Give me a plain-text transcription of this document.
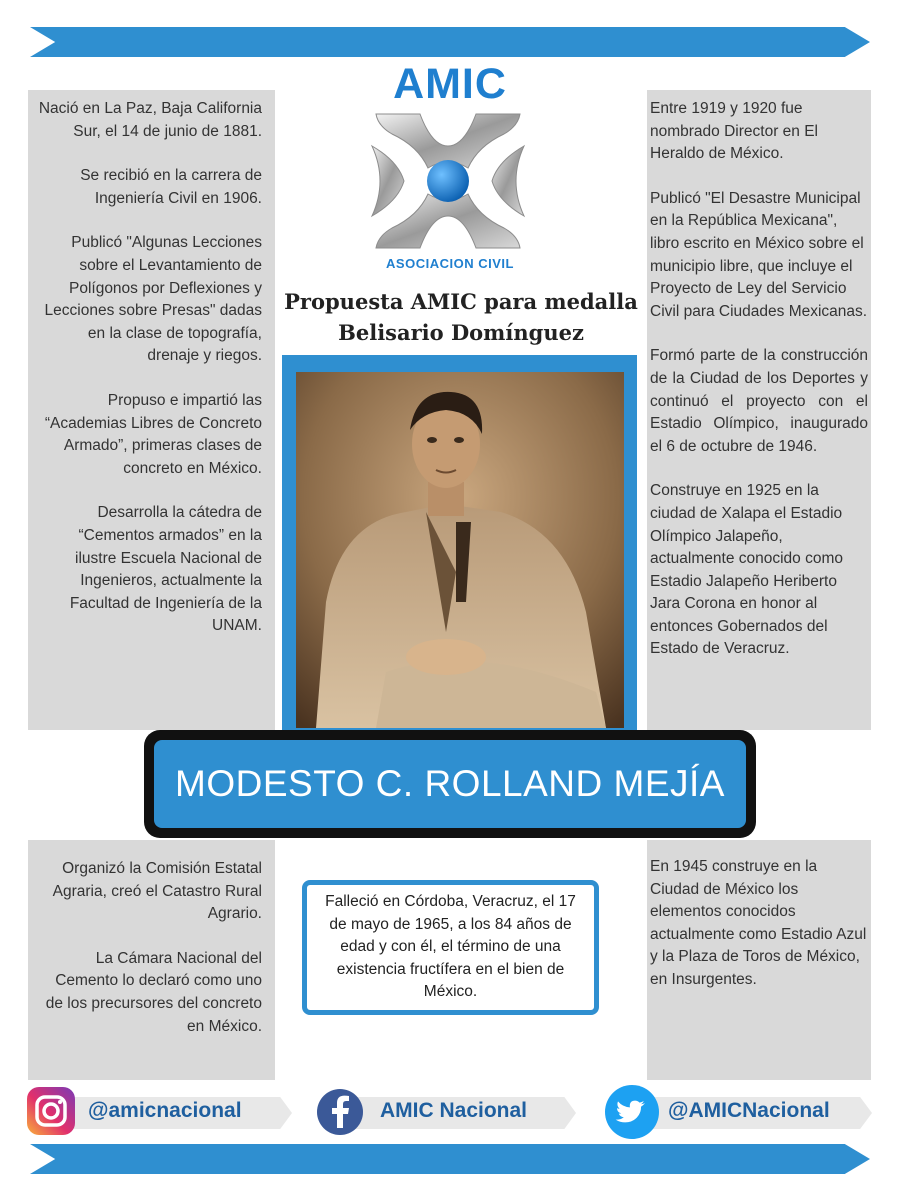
Nació en La Paz, Baja California Sur, el 14 de junio de 1881.

Se recibió en la carrera de Ingeniería Civil en 1906.

Publicó "Algunas Lecciones sobre el Levantamiento de Polígonos por Deflexiones y Lecciones sobre Presas" dadas en la clase de topografía, drenaje y riegos.

Propuso e impartió las “Academias Libres de Concreto Armado”, primeras clases de concreto en México.

Desarrolla la cátedra de “Cementos armados” en la ilustre Escuela Nacional de Ingenieros, actualmente la Facultad de Ingeniería de la UNAM.

Organizó la Comisión Estatal Agraria, creó el Catastro Rural Agrario.

La Cámara Nacional del Cemento lo declaró como uno de los precursores del concreto en México.

Entre 1919 y 1920 fue nombrado Director en El Heraldo de México.

Publicó "El Desastre Municipal en la República Mexicana", libro escrito en México sobre el municipio libre, que incluye el Proyecto de Ley del Servicio Civil para Ciudades Mexicanas.

Formó parte de la construcción de la Ciudad de los Deportes y continuó el proyecto con el Estadio Olímpico, inaugurado el 6 de octubre de 1946.

Construye en 1925 en la ciudad de Xalapa el Estadio Olímpico Jalapeño, actualmente conocido como Estadio Jalapeño Heriberto Jara Corona en honor al entonces Gobernados del Estado de Veracruz.

En 1945 construye en la Ciudad de México los elementos conocidos actualmente como Estadio Azul y la Plaza de Toros de México, en Insurgentes.

AMIC
ASOCIACION CIVIL
Propuesta AMIC para medalla
Belisario Domínguez
MODESTO C. ROLLAND MEJÍA
Falleció en Córdoba, Veracruz, el 17 de mayo de 1965, a los 84 años de edad y con él, el término de una existencia fructífera en el bien de México.
@amicnacional	AMIC Nacional	@AMICNacional
